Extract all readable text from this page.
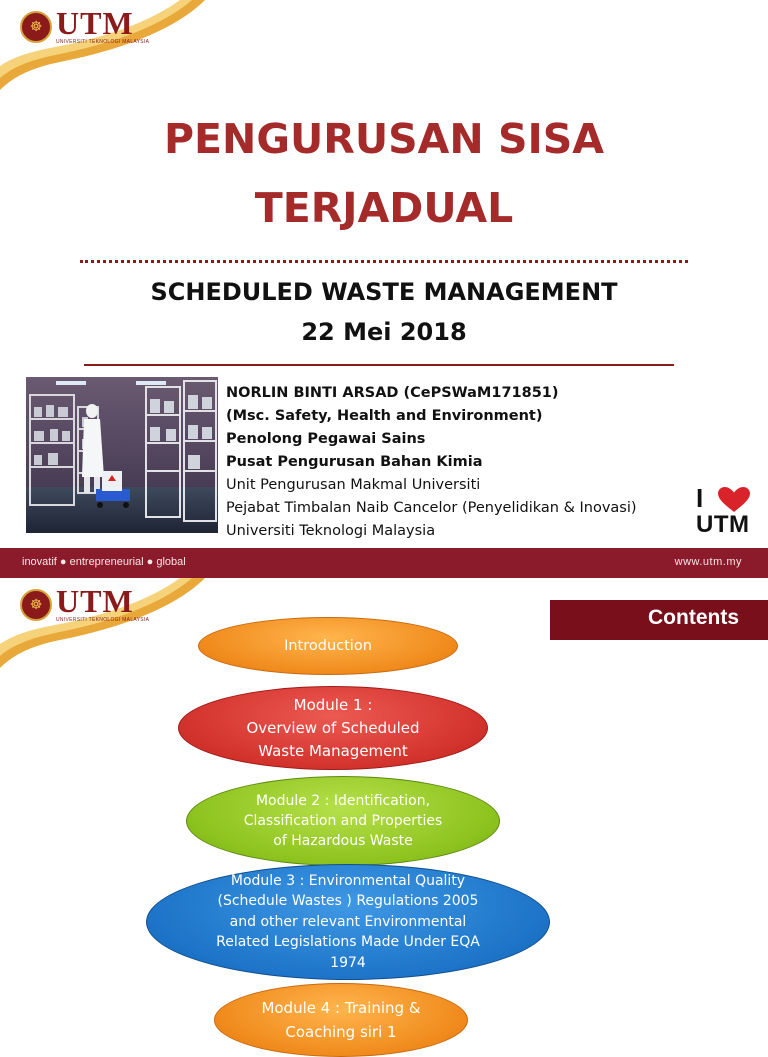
☸ UTM
UNIVERSITI TEKNOLOGI MALAYSIA
PENGURUSAN SISA
TERJADUAL
SCHEDULED WASTE MANAGEMENT
22 Mei 2018
NORLIN BINTI ARSAD (CePSWaM171851)
(Msc. Safety, Health and Environment)
Penolong Pegawai Sains
Pusat Pengurusan Bahan Kimia
Unit Pengurusan Makmal Universiti
Pejabat Timbalan Naib Cancelor (Penyelidikan & Inovasi)
Universiti Teknologi Malaysia
I
UTM
inovatif ● entrepreneurial ● global	www.utm.my
☸ UTM
UNIVERSITI TEKNOLOGI MALAYSIA	Contents
Introduction
Module 1 :
Overview of Scheduled
Waste Management
Module 2 : Identification,
Classification and Properties
of Hazardous Waste
Module 3 : Environmental Quality
(Schedule Wastes ) Regulations 2005
and other relevant Environmental
Related Legislations Made Under EQA
1974
Module 4 : Training &
Coaching siri 1
